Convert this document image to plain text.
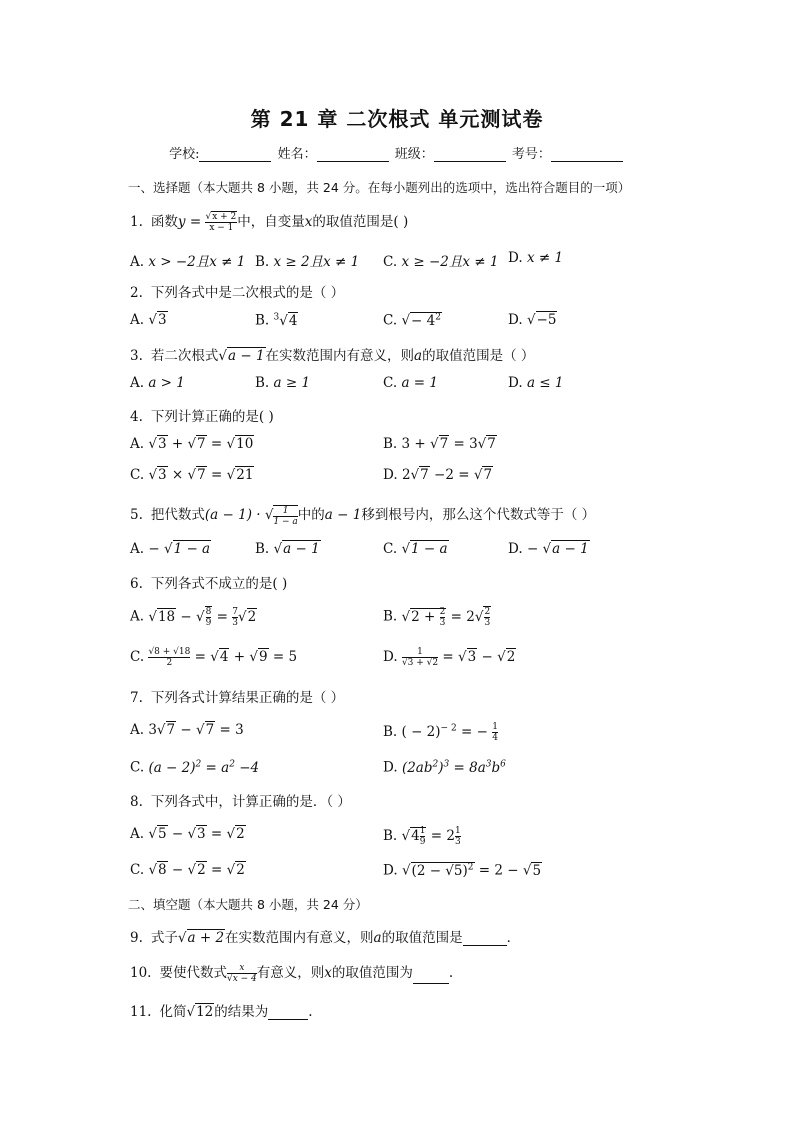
第 21 章 二次根式 单元测试卷
学校:	姓名：	班级：	考号：
一、选择题（本大题共 8 小题，共 24 分。在每小题列出的选项中，选出符合题目的一项）
1. 函数$y = \frac{√x + 2}{x - 1}$ 中，自变量x的取值范围是( )
A. x > −2且x ≠ 1 B. x ≥ 2且x ≠ 1 C. x ≥ −2且x ≠ 1 D. x ≠ 1
2. 下列各式中是二次根式的是（ ）
A. √3	B. $^3$√4	C. √− $4^2$	D. √−5
3. 若二次根式√a − 1在实数范围内有意义，则a的取值范围是（ ）
A. a > 1	B. a ≥ 1	C. a = 1	D. a ≤ 1
4. 下列计算正确的是( )
A. √3 + √7 = √10	B. 3 + √7 = 3√7
C. √3 × √7 = √21	D. 2√7 −2 = √7
5. 把代数式(a − 1) · √ $\frac{1}{1 - a}$ 中的a − 1移到根号内，那么这个代数式等于（ ）
A. − √1 − a	B. √a − 1	C. √1 − a	D. − √a − 1
6. 下列各式不成立的是( )
A. √18 − √ $\frac{8}{9} = \frac{7}{3} √2$	B. $√2 + \frac{2}{3} = 2√ \frac{2}{3}$
C. $\frac{√8 + √18}{2} = √4 + √9 = 5$	D. $\frac{1}{√3 + √2} = √3 - √2$
7. 下列各式计算结果正确的是（ ）
A. 3√7 − √7 = 3	B. ( − 2)$^{- 2}$ = − $\frac{1}{4}$
C. $(a - 2)^2 = a^2 -4$	D. $(2ab^2)^3 = 8a^3b^6$
8. 下列各式中，计算正确的是．（ ）
A. √5 − √3 = √2	B. $√4 \frac{1}{9} = 2 \frac{1}{3}$
C. √8 − √2 = √2	D. $√(2 - √5)^2 = 2 - √5$
二、填空题（本大题共 8 小题，共 24 分）
9. 式子√a + 2在实数范围内有意义，则a的取值范围是	．
10. 要使代数式 $\frac{x}{√x - 4}$ 有意义，则x的取值范围为	.
11. 化简√12的结果为	.
